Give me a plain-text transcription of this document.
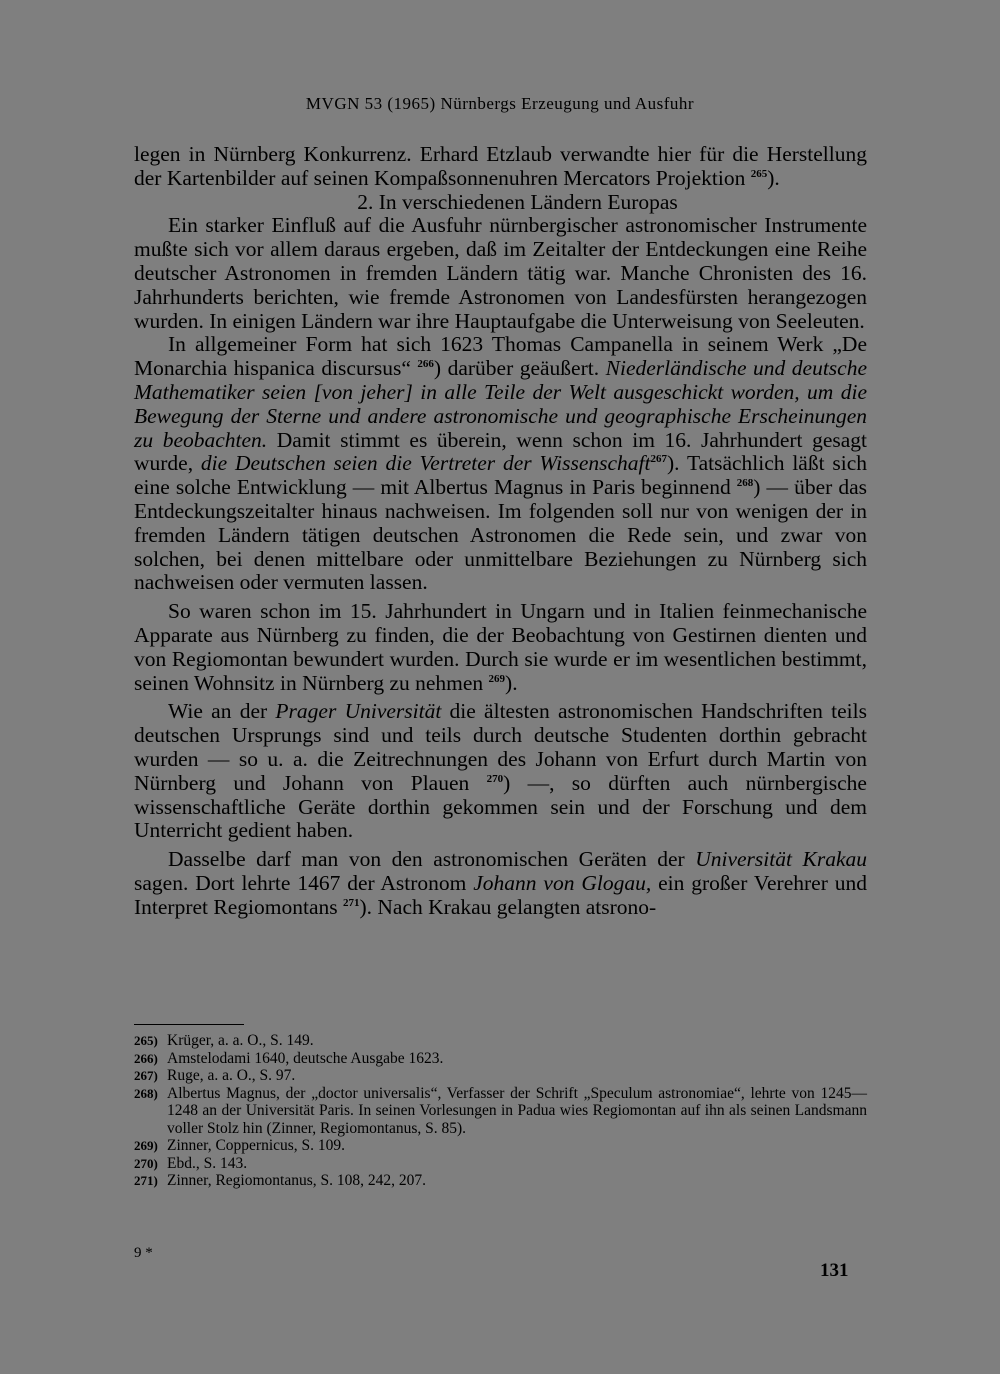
MVGN 53 (1965) Nürnbergs Erzeugung und Ausfuhr

legen in Nürnberg Konkurrenz. Erhard Etzlaub verwandte hier für die Herstellung der Kartenbilder auf seinen Kompaßsonnenuhren Mercators Projektion $^{265}$).

2. In verschiedenen Ländern Europas

Ein starker Einfluß auf die Ausfuhr nürnbergischer astronomischer Instrumente mußte sich vor allem daraus ergeben, daß im Zeitalter der Entdeckungen eine Reihe deutscher Astronomen in fremden Ländern tätig war. Manche Chronisten des 16. Jahrhunderts berichten, wie fremde Astronomen von Landesfürsten herangezogen wurden. In einigen Ländern war ihre Hauptaufgabe die Unterweisung von Seeleuten.

In allgemeiner Form hat sich 1623 Thomas Campanella in seinem Werk „De Monarchia hispanica discursus“ $^{266}$) darüber geäußert. Niederländische und deutsche Mathematiker seien [von jeher] in alle Teile der Welt ausgeschickt worden, um die Bewegung der Sterne und andere astronomische und geographische Erscheinungen zu beobachten. Damit stimmt es überein, wenn schon im 16. Jahrhundert gesagt wurde, die Deutschen seien die Vertreter der Wissenschaft$^{267}$). Tatsächlich läßt sich eine solche Entwicklung — mit Albertus Magnus in Paris beginnend $^{268}$) — über das Entdeckungszeitalter hinaus nachweisen. Im folgenden soll nur von wenigen der in fremden Ländern tätigen deutschen Astronomen die Rede sein, und zwar von solchen, bei denen mittelbare oder unmittelbare Beziehungen zu Nürnberg sich nachweisen oder vermuten lassen.

So waren schon im 15. Jahrhundert in Ungarn und in Italien feinmechanische Apparate aus Nürnberg zu finden, die der Beobachtung von Gestirnen dienten und von Regiomontan bewundert wurden. Durch sie wurde er im wesentlichen bestimmt, seinen Wohnsitz in Nürnberg zu nehmen $^{269}$).

Wie an der Prager Universität die ältesten astronomischen Handschriften teils deutschen Ursprungs sind und teils durch deutsche Studenten dorthin gebracht wurden — so u. a. die Zeitrechnungen des Johann von Erfurt durch Martin von Nürnberg und Johann von Plauen $^{270}$) —, so dürften auch nürnbergische wissenschaftliche Geräte dorthin gekommen sein und der Forschung und dem Unterricht gedient haben.

Dasselbe darf man von den astronomischen Geräten der Universität Krakau sagen. Dort lehrte 1467 der Astronom Johann von Glogau, ein großer Verehrer und Interpret Regiomontans $^{271}$). Nach Krakau gelangten atsrono-

265) Krüger, a. a. O., S. 149.
266) Amstelodami 1640, deutsche Ausgabe 1623.
267) Ruge, a. a. O., S. 97.
268) Albertus Magnus, der „doctor universalis“, Verfasser der Schrift „Speculum astronomiae“, lehrte von 1245—1248 an der Universität Paris. In seinen Vorlesungen in Padua wies Regiomontan auf ihn als seinen Landsmann voller Stolz hin (Zinner, Regiomontanus, S. 85).
269) Zinner, Coppernicus, S. 109.
270) Ebd., S. 143.
271) Zinner, Regiomontanus, S. 108, 242, 207.
9 *
131
